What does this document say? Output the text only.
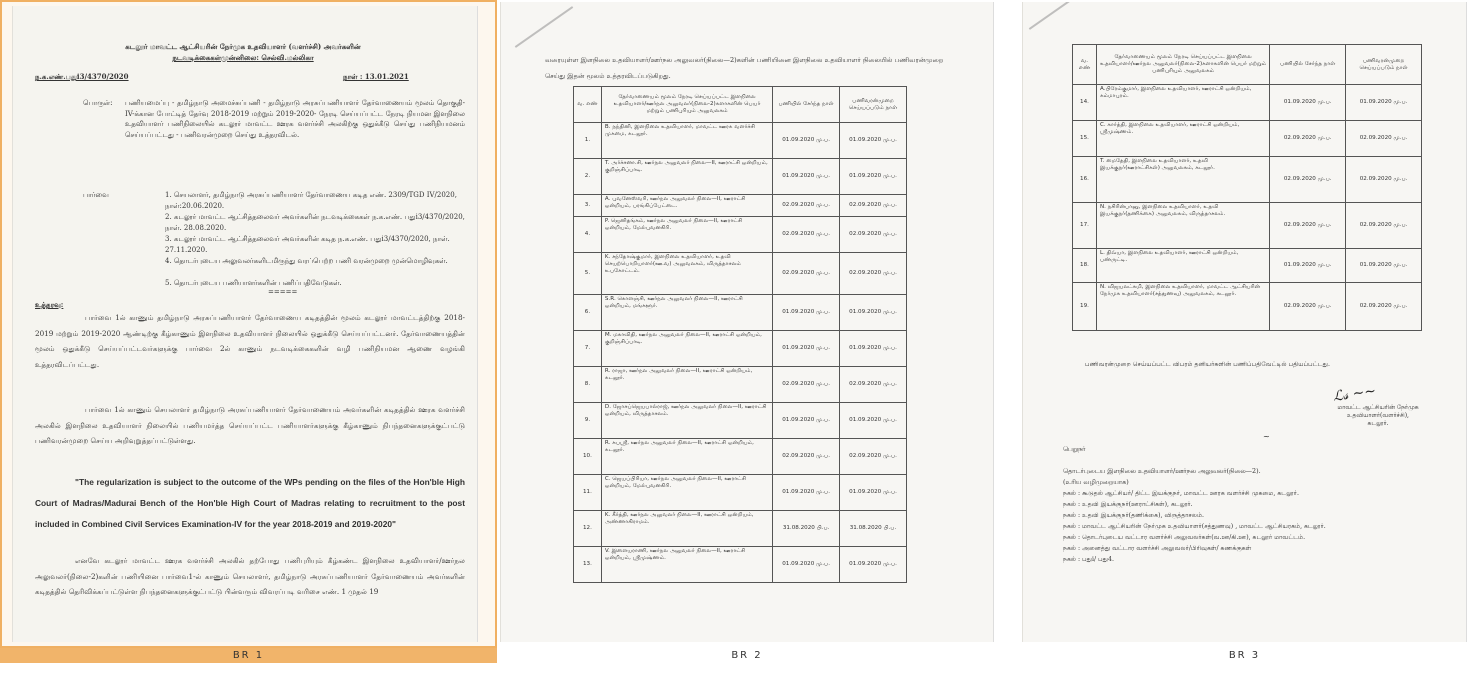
கடலூர் மாவட்ட ஆட்சியரின் நேர்முக உதவியாளர் (வளர்ச்சி) அவர்களின்
நடவடிக்கைகள்முன்னிலை: செல்வி.மல்லிகா
ந.க.எண்.பதுi3/4370/2020	நாள் : 13.01.2021
பொருள்: பணியமைப்பு - தமிழ்நாடு அமைச்சுப்பணி - தமிழ்நாடு அரசுப்பணியாளர் தேர்வாணையம் மூலம் தொகுதி- IV-க்கான போட்டித் தேர்வு 2018-2019 மற்றும் 2019-2020- நேரடி செய்யப்பட்ட நேரடி நியமன இளநிலை உதவியாளர் பணிநிலையில் கடலூர் மாவட்ட ஊரக வளர்ச்சி அலகிற்கு ஒதுக்கீடு செய்து பணிநியமனம் செய்யப்பட்டது - பணிவரன்முறை செய்து உத்தரவிடல்.
பார்வை	1. செயலாளர், தமிழ்நாடு அரசுப்பணியாளர் தேர்வாணைய கடித எண். 2309/TGD IV/2020, நாள்:20.06.2020.
2. கடலூர் மாவட்ட ஆட்சித்தலைவர் அவர்களின் நடவடிக்கைகள் ந.க.எண். பதுi3/4370/2020, நாள். 28.08.2020.
3. கடலூர் மாவட்ட ஆட்சித்தலைவர் அவர்களின் கடித ந.க.எண். பதுi3/4370/2020, நாள். 27.11.2020.
4. தொடர்புடைய அலுவலர்களிடமிருந்து வரப்பெற்ற பணி வரன்முறை முன்மொழிவுகள்.
5. தொடர்புடைய பணியாளர்களின் பணிப்பதிவேடுகள்.
=====
உத்தரவு:
பார்வை 1ல் காணும் தமிழ்நாடு அரசுப்பணியாளர் தேர்வாணைய கடிதத்தின் மூலம் கடலூர் மாவட்டத்திற்கு 2018-2019 மற்றும் 2019-2020 ஆண்டிற்கு கீழ்காணும் இளநிலை உதவியாளர் நிலையில் ஒதுக்கீடு செய்யப்பட்டனர். தேர்வாணையத்தின் மூலம் ஒதுக்கீடு செய்யப்பட்டவர்களுக்கு பார்வை 2ல் காணும் நடவடிக்கைகளின் வழி பணிநியமன ஆணை வழங்கி உத்தரவிடப்பட்டது.
பார்வை 1ல் காணும் செயலாளர் தமிழ்நாடு அரசுப்பணியாளர் தேர்வாணையம் அவர்களின் கடிதத்தில் ஊரக வளர்ச்சி அலகில் இளநிலை உதவியாளர் நிலையில் பணியமர்த்த செய்யப்பட்ட பணியாளர்களுக்கு கீழ்காணும் நிபந்தனைகளுக்குட்பட்டு பணிவரன்முறை செய்ய அறிவுறுத்தப்பட்டுள்ளது.
"The regularization is subject to the outcome of the WPs pending on the files of the Hon'ble High Court of Madras/Madurai Bench of the Hon'ble High Court of Madras relating to recruitment to the post included in Combined Civil Services Examination-IV for the year 2018-2019 and 2019-2020"
எனவே கடலூர் மாவட்ட ஊரக வளர்ச்சி அலகில் தற்போது பணிபுரியும் கீழ்கண்ட இளநிலை உதவியாளர்/ஊர்நல அலுவலர்(நிலை-2)களின் பணியினை பார்வை1-ல் காணும் செயலாளர், தமிழ்நாடு அரசுப்பணியாளர் தேர்வாணையம் அவர்களின் கடிதத்தில் தெரிவிக்கப்பட்டுள்ள நிபந்தனைகளுக்குட்பட்டு பின்வரும் விவரப்படி வரிசை எண். 1 முதல் 19
BR 1
வரையுள்ள இளநிலை உதவியாளர்/ஊர்நல அலுவலர்(நிலை—2)களின் பணியினை இளநிலை உதவியாளர் நிலையில் பணிவரன்முறை செய்து இதன் மூலம் உத்தரவிடப்படுகிறது.
வ. எண்	தேர்வாணையம் மூலம் நேரடி செய்யப்பட்ட இளநிலை உதவியாளர்/ஊர்நல அலுவலர்(நிலை-2)களாகளின் பெயர் மற்றும் பணிபுரியும் அலுவலகம்	பணியில் சேர்ந்த நாள்	பணிவரன்முறை செய்யப்படும் நாள்
1.	B. நந்தினி, இளநிலை உதவியாளர், மாவட்ட ஊரக வளர்ச்சி முகமை, கடலூர்.	01.09.2020 மு.ப.	01.09.2020 மு.ப.
2.	T. அர்ச்சனா.சி, ஊர்நல அலுவலர் நிலை—II, ஊராட்சி ஒன்றியம், குறிஞ்சிப்பாடி.	01.09.2020 மு.ப.	01.09.2020 மு.ப.
3.	A. புவனேஸ்வரி, ஊர்நல அலுவலர் நிலை—II, ஊராட்சி ஒன்றியம், பரங்கிப்பேட்டை.	02.09.2020 மு.ப.	02.09.2020 மு.ப.
4.	P. ஜெனிதங்கம், ஊர்நல அலுவலர் நிலை—II, ஊராட்சி ஒன்றியம், மேல்புவனகிரி.	02.09.2020 மு.ப.	02.09.2020 மு.ப.
5.	K. சந்தோஷ்குமார், இளநிலை உதவியாளர், உதவி செயற்பொறியாளர்(ஊ.வ) அலுவலகம், விருத்தாசலம் உபகோட்டம்.	02.09.2020 மு.ப.	02.09.2020 மு.ப.
6.	S.R. கொளஞ்சி, ஊர்நல அலுவலர் நிலை—II, ஊராட்சி ஒன்றியம், மங்களூர்.	01.09.2020 மு.ப.	01.09.2020 மு.ப.
7.	M. மகாவிதி, ஊர்நல அலுவலர் நிலை—II, ஊராட்சி ஒன்றியம், குறிஞ்சிப்பாடி.	01.09.2020 மு.ப.	01.09.2020 மு.ப.
8.	R. ராஜா, ஊர்நல அலுவலர் நிலை—II, ஊராட்சி ஒன்றியம், கடலூர்.	02.09.2020 மு.ப.	02.09.2020 மு.ப.
9.	D. ஜோசப்ஜெயபால்ராஜ், ஊர்நல அலுவலர் நிலை—II, ஊராட்சி ஒன்றியம், விருத்தாசலம்.	01.09.2020 மு.ப.	01.09.2020 மு.ப.
10.	R. சுபஸ்ரீ, ஊர்நல அலுவலர் நிலை—II, ஊராட்சி ஒன்றியம், கடலூர்.	02.09.2020 மு.ப.	02.09.2020 மு.ப.
11.	C. ஜெயப்பிரியா, ஊர்நல அலுவலர் நிலை—II, ஊராட்சி ஒன்றியம், மேல்புவனகிரி.	01.09.2020 மு.ப.	01.09.2020 மு.ப.
12.	K. கீர்த்தி, ஊர்நல அலுவலர் நிலை—II, ஊராட்சி ஒன்றியம், அண்ணாகிராமம்.	31.08.2020 பி.ப.	31.08.2020 பி.ப.
13.	V. இளையராணி, ஊர்நல அலுவலர் நிலை—II, ஊராட்சி ஒன்றியம், ஸ்ரீமுஷ்ணம்.	01.09.2020 மு.ப.	01.09.2020 மு.ப.
BR 2
வ. எண்	தேர்வாணையம் மூலம் நேரடி செய்யப்பட்ட இளநிலை உதவியாளர்/ஊர்நல அலுவலர்(நிலை-2)களாகளின் பெயர் மற்றும் பணிபுரியும் அலுவலகம்	பணியில் சேர்ந்த நாள்	பணிவரன்முறை செய்யப்படும் நாள்
14.	A.பிரேம்குமார், இளநிலை உதவியாளர், ஊராட்சி ஒன்றியம், கம்மாபுரம்.	01.09.2020 மு.ப.	01.09.2020 மு.ப.
15.	C. கார்த்தி, இளநிலை உதவியாளர், ஊராட்சி ஒன்றியம், ஸ்ரீமுஷ்ணம்.	02.09.2020 மு.ப.	02.09.2020 மு.ப.
16.	T. மைதேதி, இளநிலை உதவியாளர், உதவி இயக்குநர்(ஊராட்சிகள்) அலுவலகம், கடலூர்.	02.09.2020 மு.ப.	02.09.2020 மு.ப.
17.	N. நசிரின்பானு, இளநிலை உதவியாளர், உதவி இயக்குநர்(தணிக்கை) அலுவலகம், விருத்தாசலம்.	02.09.2020 மு.ப.	02.09.2020 மு.ப.
18.	L. திவ்யா, இளநிலை உதவியாளர், ஊராட்சி ஒன்றியம், பண்ருட்டி.	01.09.2020 மு.ப.	01.09.2020 மு.ப.
19.	N. விஜயலட்சுமி, இளநிலை உதவியாளர், மாவட்ட ஆட்சியரின் நேர்முக உதவியாளர்(சத்துணவு) அலுவலகம், கடலூர்.	02.09.2020 மு.ப.	02.09.2020 மு.ப.
பணிவரன்முறை செய்யப்பட்ட விபரம் தனியர்களின் பணிப்பதிவேட்டில் பதியப்பட்டது.
ℒ𝓈 ~~
மாவட்ட ஆட்சியரின் நேர்முக
உதவியாளர்(வளர்ச்சி),
கடலூர்.
~
பெறுநர்
தொடர்புடைய இளநிலை உதவியாளர்/ஊர்நல அலுவலர்(நிலை—2).
(உரிய வழிமுறையாக)
நகல் : கூடுதல் ஆட்சியர்/ திட்ட இயக்குநர், மாவட்ட ஊரக வளர்ச்சி முகமை, கடலூர்.
நகல் : உதவி இயக்குநர்(ஊராட்சிகள்), கடலூர்.
நகல் : உதவி இயக்குநர்(தணிக்கை), விருத்தாசலம்.
நகல் : மாவட்ட ஆட்சியரின் நேர்முக உதவியாளர்(சத்துணவு) , மாவட்ட ஆட்சியரகம், கடலூர்.
நகல் : தொடர்புடைய வட்டார வளர்ச்சி அலுவலர்கள்(வ.ஊ/கி.ஊ), கடலூர் மாவட்டம்.
நகல் : அனைத்து வட்டார வளர்ச்சி அலுவலர்/பிரிவுகள்/ கணக்குகள்
நகல் : பதுi/ பது4.
BR 3
